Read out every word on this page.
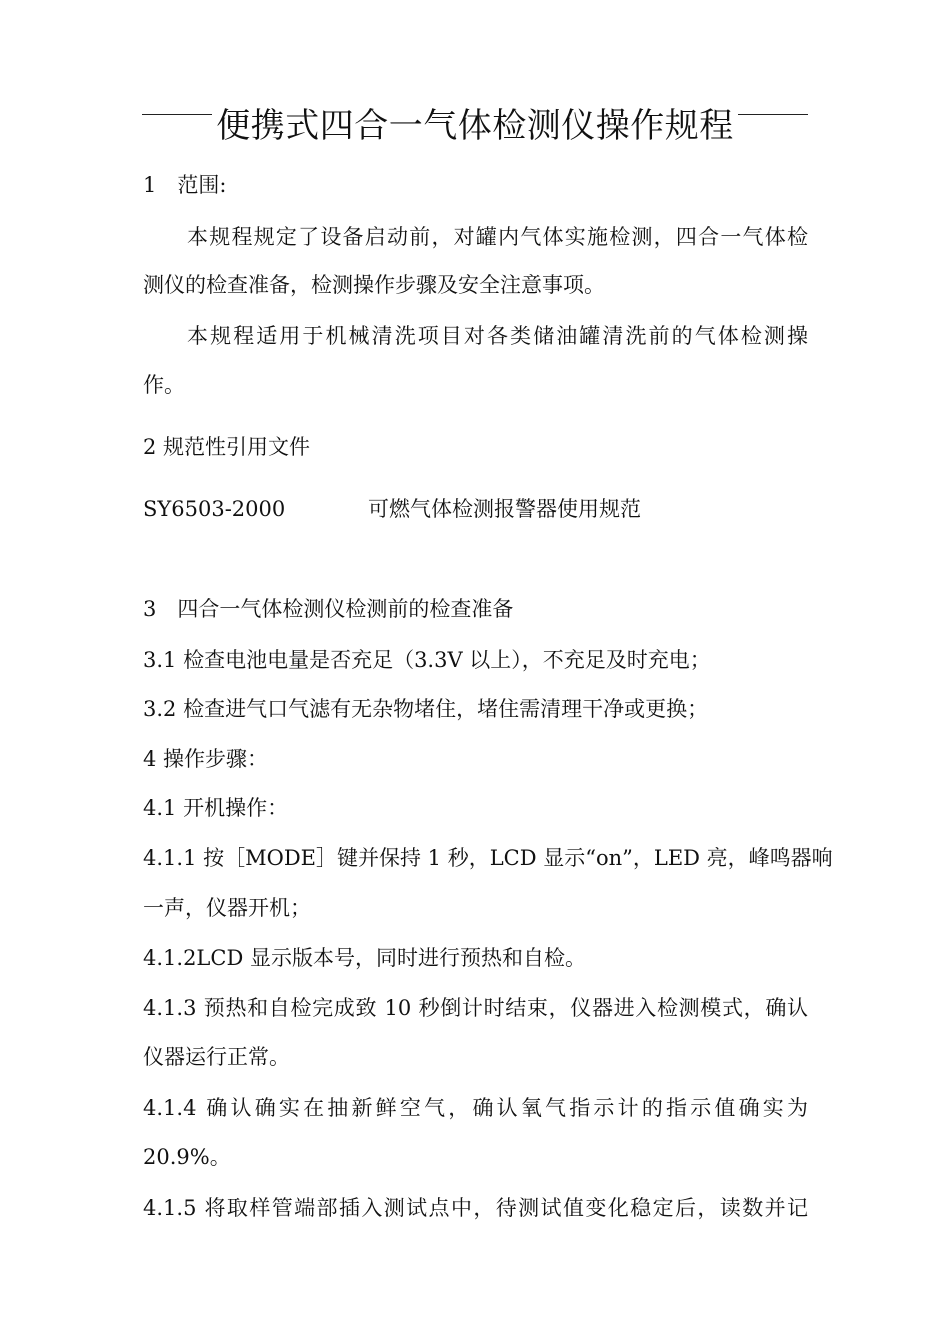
便携式四合一气体检测仪操作规程
1　范围:
本规程规定了设备启动前，对罐内气体实施检测，四合一气体检
测仪的检查准备，检测操作步骤及安全注意事项。
本规程适用于机械清洗项目对各类储油罐清洗前的气体检测操
作。
2 规范性引用文件
SY6503-2000	可燃气体检测报警器使用规范
3　四合一气体检测仪检测前的检查准备
3.1 检查电池电量是否充足（3.3V 以上），不充足及时充电；
3.2 检查进气口气滤有无杂物堵住，堵住需清理干净或更换；
4 操作步骤：
4.1 开机操作：
4.1.1 按［MODE］键并保持 1 秒，LCD 显示“on”，LED 亮，峰鸣器响
一声，仪器开机；
4.1.2LCD 显示版本号，同时进行预热和自检。
4.1.3 预热和自检完成致 10 秒倒计时结束，仪器进入检测模式，确认
仪器运行正常。
4.1.4 确认确实在抽新鲜空气，确认氧气指示计的指示值确实为
20.9%。
4.1.5 将取样管端部插入测试点中，待测试值变化稳定后，读数并记
